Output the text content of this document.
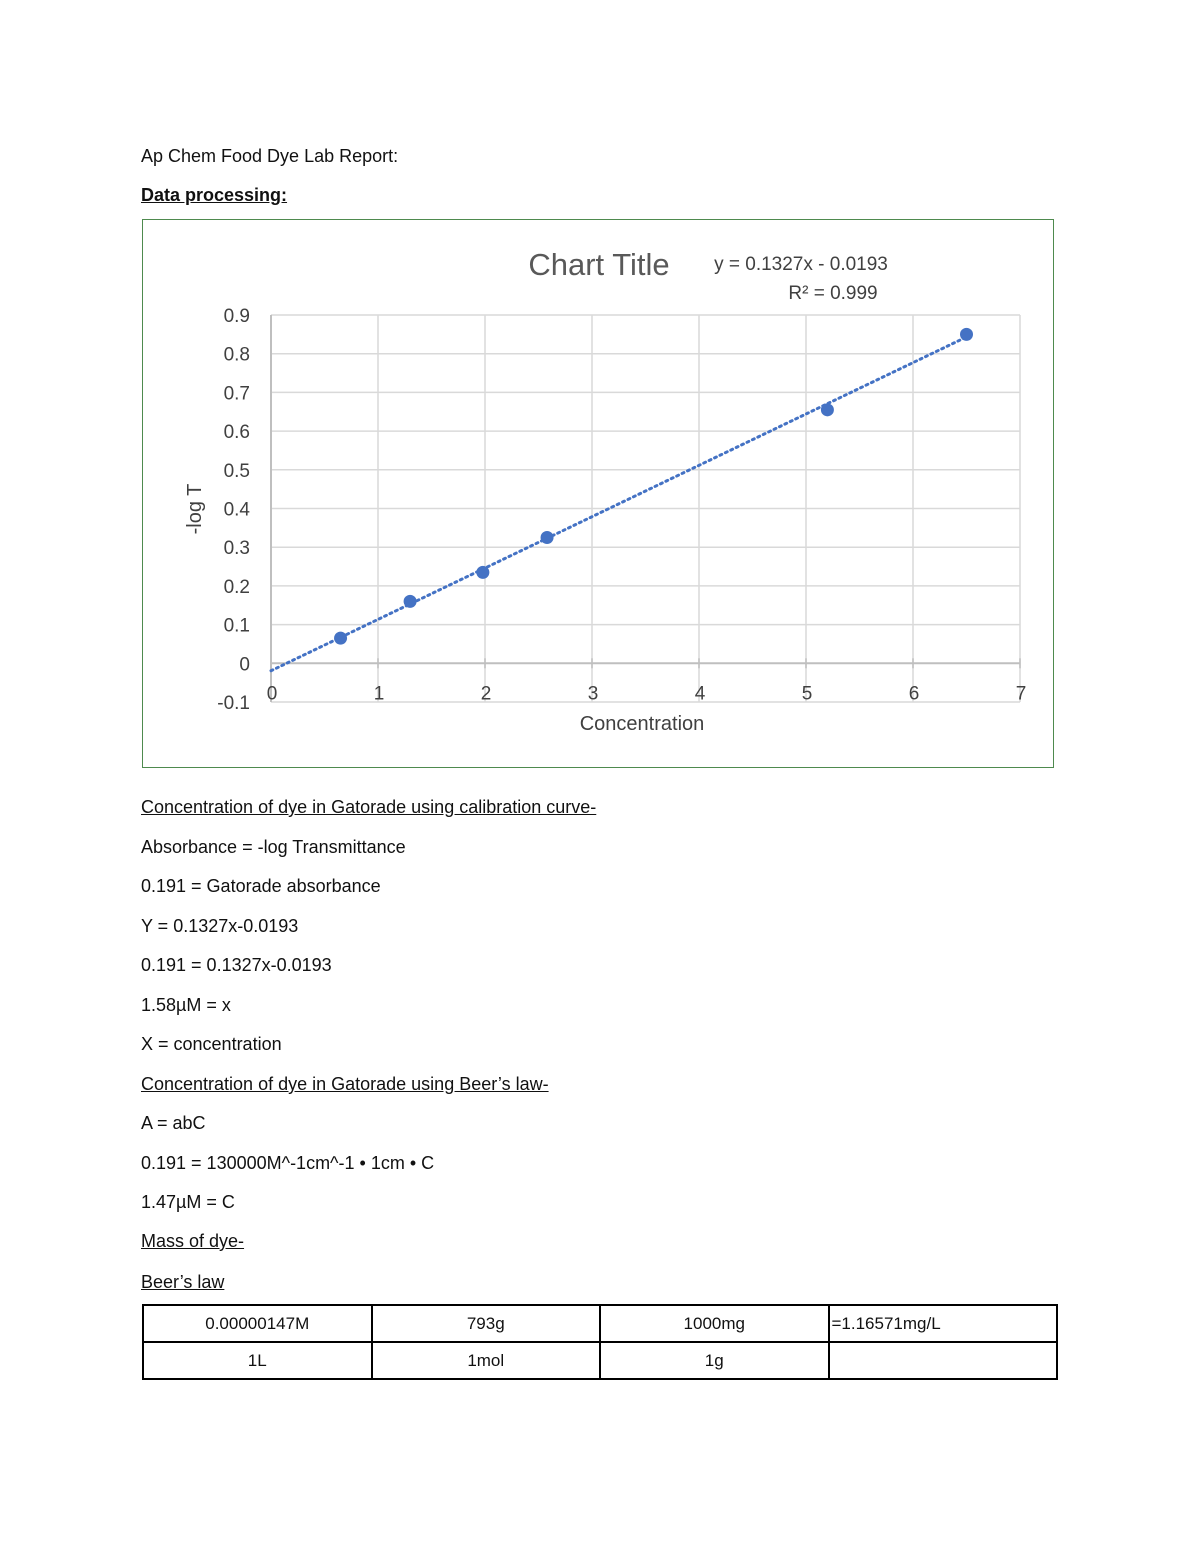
Ap Chem Food Dye Lab Report:
Data processing:
0.9
0.8
0.7
0.6
0.5
0.4
0.3
0.2
0.1
0
-0.1 0	1	2	3	4	5	6	7
Chart Title y = 0.1327x - 0.0193
R² = 0.999
Concentration
-log T
Concentration of dye in Gatorade using calibration curve-
Absorbance = -log Transmittance
0.191 = Gatorade absorbance
Y = 0.1327x-0.0193
0.191 = 0.1327x-0.0193
1.58µM = x
X = concentration
Concentration of dye in Gatorade using Beer’s law-
A = abC
0.191 = 130000M^-1cm^-1 • 1cm • C
1.47µM = C
Mass of dye-
Beer’s law
0.00000147M	793g	1000mg	=1.16571mg/L
1L	1mol	1g	
